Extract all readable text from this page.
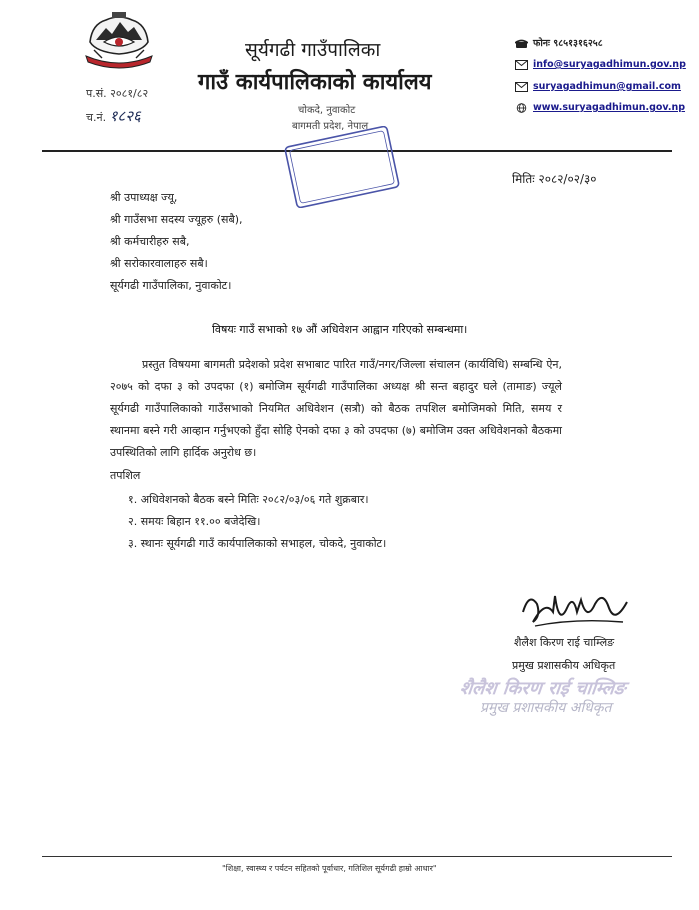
सूर्यगढी गाउँपालिका
गाउँ कार्यपालिकाको कार्यालय
चोकदे, नुवाकोट
बागमती प्रदेश, नेपाल
प.सं. २०८१/८२
च.नं. १८२६
फोनः ९८५१३१६२५८
info@suryagadhimun.gov.np
suryagadhimun@gmail.com
www.suryagadhimun.gov.np
मितिः २०८२/०२/३०
श्री उपाध्यक्ष ज्यू,
श्री गाउँसभा सदस्य ज्यूहरु (सबै),
श्री कर्मचारीहरु सबै,
श्री सरोकारवालाहरु सबै।
सूर्यगढी गाउँपालिका, नुवाकोट।
विषयः गाउँ सभाको १७ औं अधिवेशन आह्वान गरिएको सम्बन्धमा।

प्रस्तुत विषयमा बागमती प्रदेशको प्रदेश सभाबाट पारित गाउँ/नगर/जिल्ला संचालन (कार्यविधि) सम्बन्धि ऐन, २०७५ को दफा ३ को उपदफा (१) बमोजिम सूर्यगढी गाउँपालिका अध्यक्ष श्री सन्त बहादुर घले (तामाङ) ज्यूले सूर्यगढी गाउँपालिकाको गाउँसभाको नियमित अधिवेशन (सत्रौ) को बैठक तपशिल बमोजिमको मिति, समय र स्थानमा बस्ने गरी आव्हान गर्नुभएको हुँदा सोहि ऐनको दफा ३ को उपदफा (७) बमोजिम उक्त अधिवेशनको बैठकमा उपस्थितिको लागि हार्दिक अनुरोध छ।

तपशिल
१. अधिवेशनको बैठक बस्ने मितिः २०८२/०३/०६ गते शुक्रबार।
२. समयः बिहान ११.०० बजेदेखि।
३. स्थानः सूर्यगढी गाउँ कार्यपालिकाको सभाहल, चोकदे, नुवाकोट।
शैलैश किरण राई चाम्लिङ
प्रमुख प्रशासकीय अधिकृत
शैलैश किरण राई चाम्लिङ
प्रमुख प्रशासकीय अधिकृत
"शिक्षा, स्वास्थ्य र पर्यटन सहितको पूर्वाधार, गतिशिल सूर्यगढी हाम्रो आधार"
